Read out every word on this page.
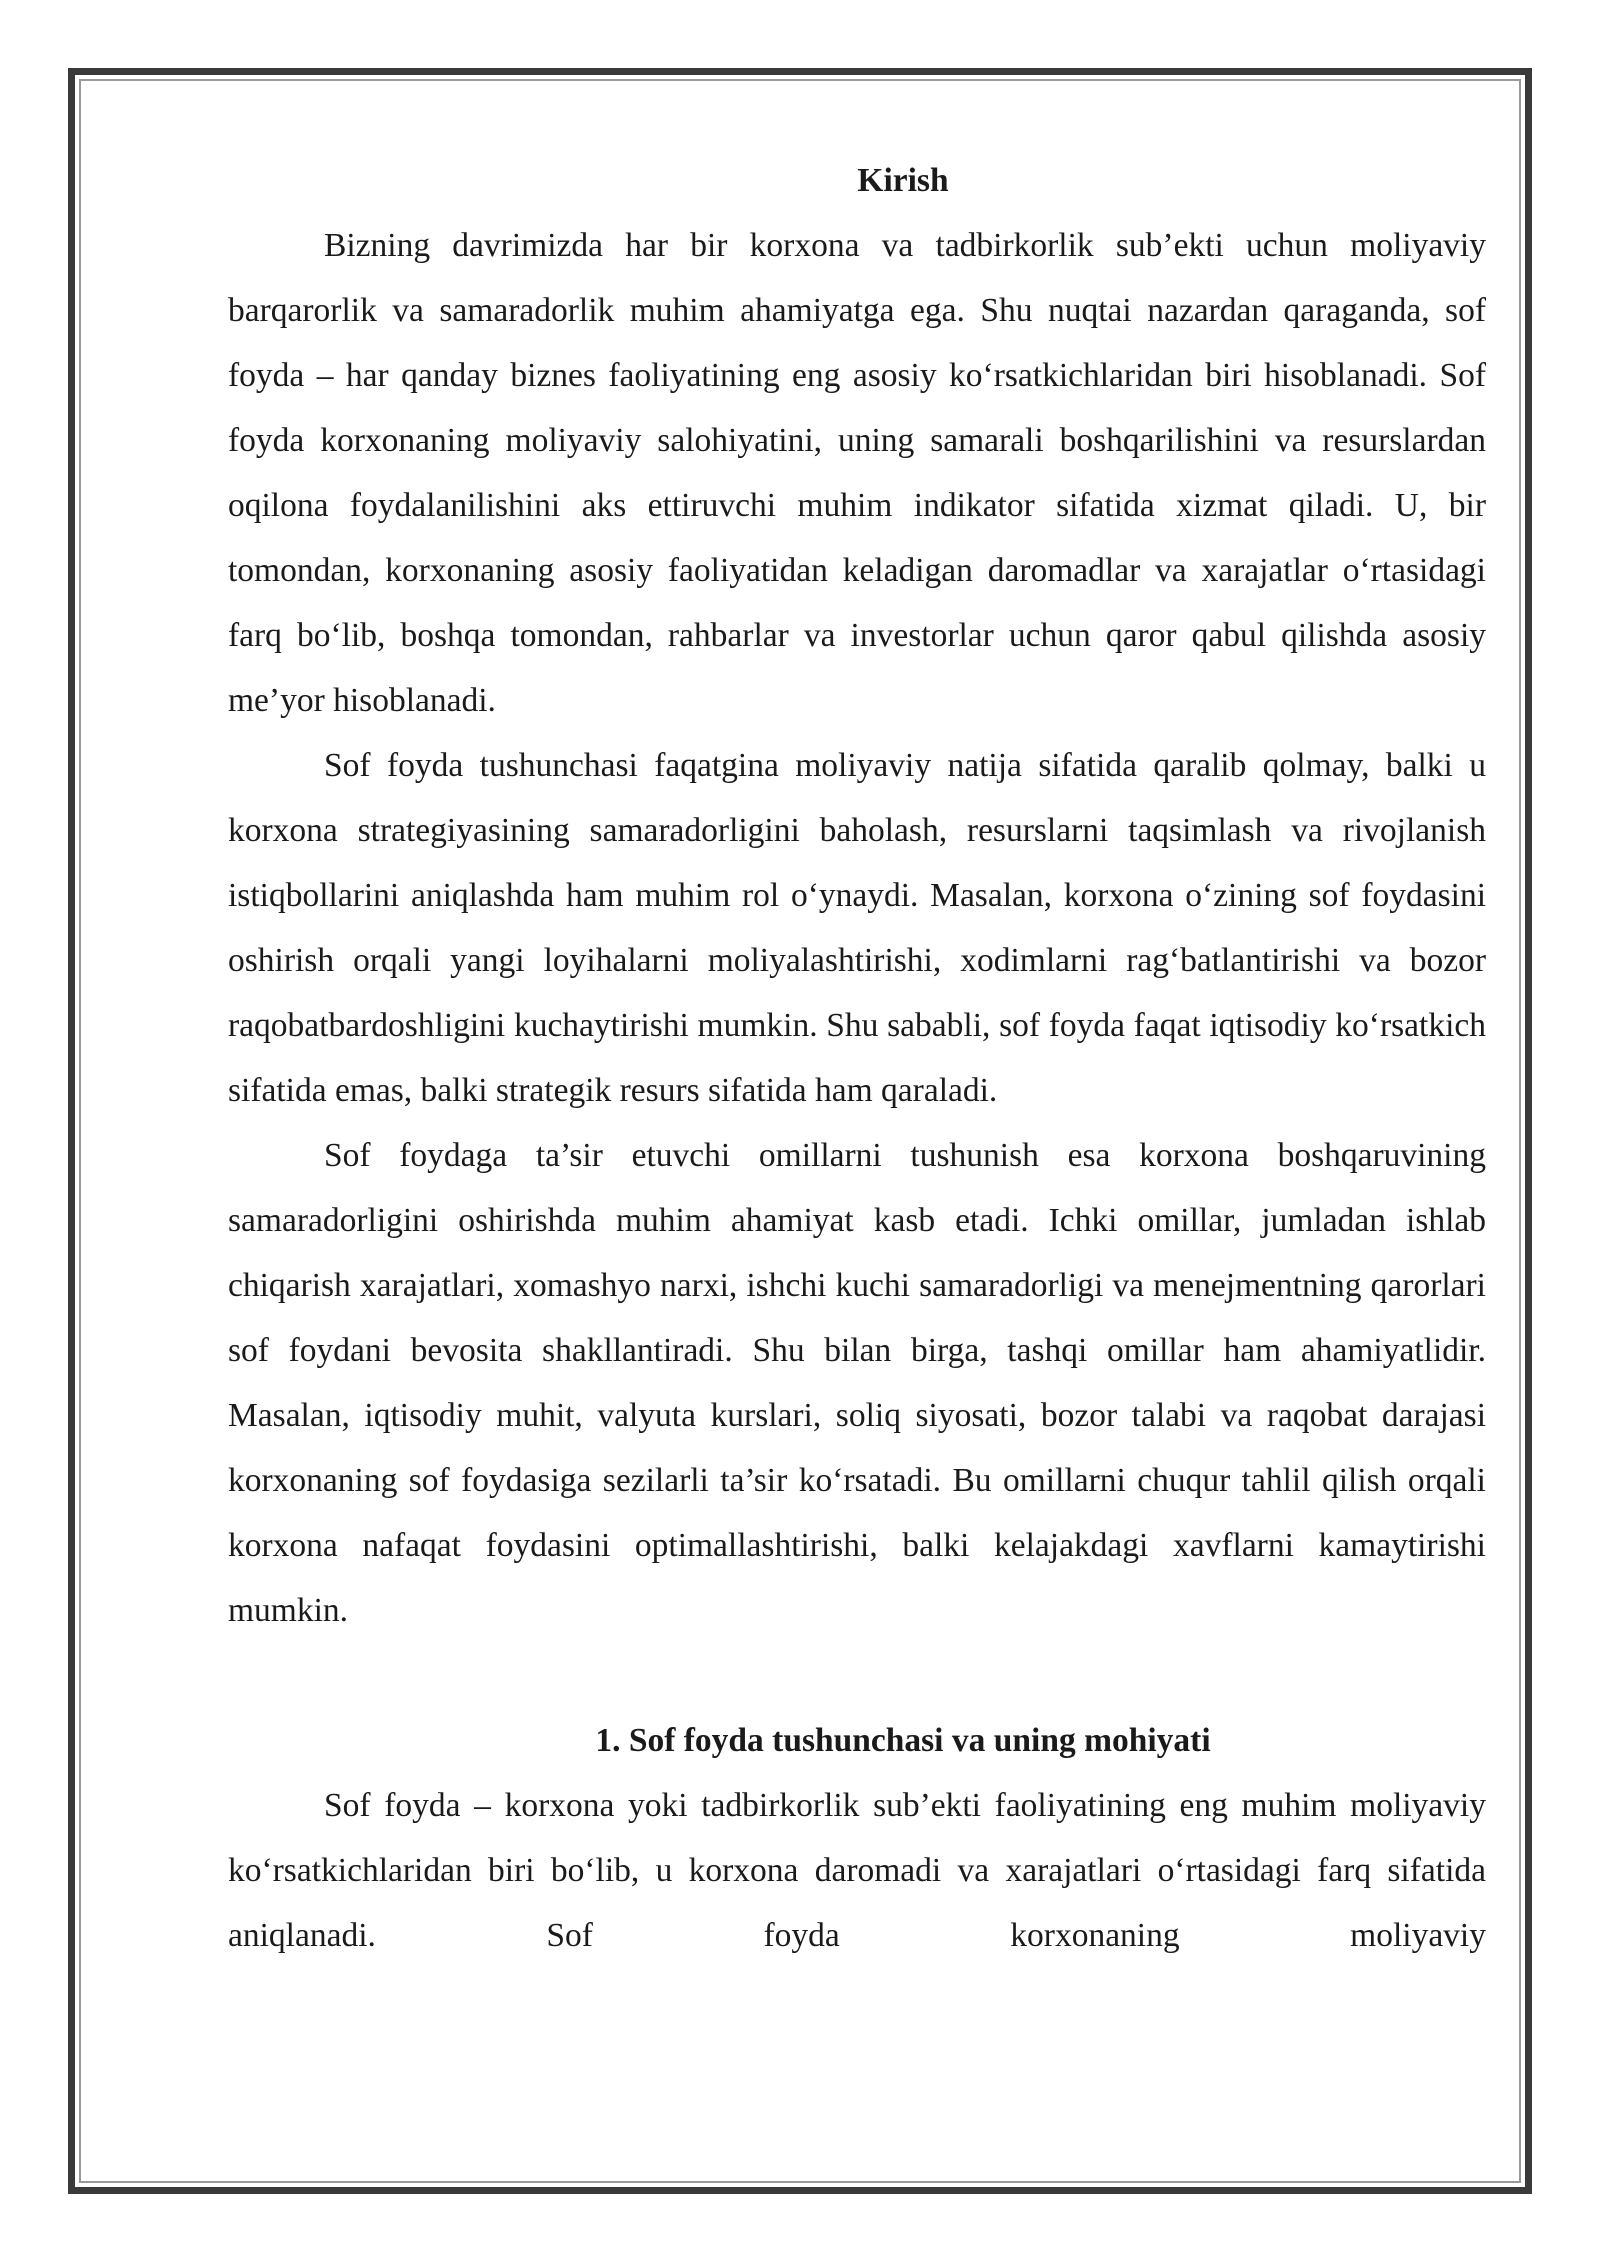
Kirish

Bizning davrimizda har bir korxona va tadbirkorlik sub’ekti uchun moliyaviy barqarorlik va samaradorlik muhim ahamiyatga ega. Shu nuqtai nazardan qaraganda, sof foyda – har qanday biznes faoliyatining eng asosiy ko‘rsatkichlaridan biri hisoblanadi. Sof foyda korxonaning moliyaviy salohiyatini, uning samarali boshqarilishini va resurslardan oqilona foydalanilishini aks ettiruvchi muhim indikator sifatida xizmat qiladi. U, bir tomondan, korxonaning asosiy faoliyatidan keladigan daromadlar va xarajatlar o‘rtasidagi farq bo‘lib, boshqa tomondan, rahbarlar va investorlar uchun qaror qabul qilishda asosiy me’yor hisoblanadi.

Sof foyda tushunchasi faqatgina moliyaviy natija sifatida qaralib qolmay, balki u korxona strategiyasining samaradorligini baholash, resurslarni taqsimlash va rivojlanish istiqbollarini aniqlashda ham muhim rol o‘ynaydi. Masalan, korxona o‘zining sof foydasini oshirish orqali yangi loyihalarni moliyalashtirishi, xodimlarni rag‘batlantirishi va bozor raqobatbardoshligini kuchaytirishi mumkin. Shu sababli, sof foyda faqat iqtisodiy ko‘rsatkich sifatida emas, balki strategik resurs sifatida ham qaraladi.

Sof foydaga ta’sir etuvchi omillarni tushunish esa korxona boshqaruvining samaradorligini oshirishda muhim ahamiyat kasb etadi. Ichki omillar, jumladan ishlab chiqarish xarajatlari, xomashyo narxi, ishchi kuchi samaradorligi va menejmentning qarorlari sof foydani bevosita shakllantiradi. Shu bilan birga, tashqi omillar ham ahamiyatlidir. Masalan, iqtisodiy muhit, valyuta kurslari, soliq siyosati, bozor talabi va raqobat darajasi korxonaning sof foydasiga sezilarli ta’sir ko‘rsatadi. Bu omillarni chuqur tahlil qilish orqali korxona nafaqat foydasini optimallashtirishi, balki kelajakdagi xavflarni kamaytirishi mumkin.

1. Sof foyda tushunchasi va uning mohiyati

Sof foyda – korxona yoki tadbirkorlik sub’ekti faoliyatining eng muhim moliyaviy ko‘rsatkichlaridan biri bo‘lib, u korxona daromadi va xarajatlari o‘rtasidagi farq sifatida aniqlanadi. Sof foyda korxonaning moliyaviy
